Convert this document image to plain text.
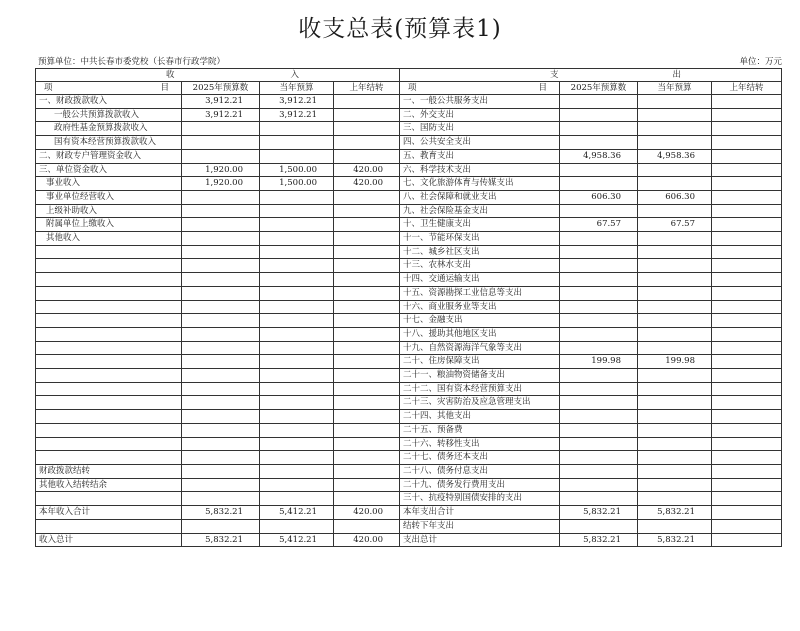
收支总表(预算表1)
预算单位：中共长春市委党校（长春市行政学院）	单位：万元
收 入				支 出			

项 目	2025年预算数	当年预算	上年结转	项 目	2025年预算数	当年预算	上年结转
一、财政拨款收入	3,912.21	3,912.21		一、一般公共服务支出			
一般公共预算拨款收入	3,912.21	3,912.21		二、外交支出			
政府性基金预算拨款收入				三、国防支出			
国有资本经营预算拨款收入				四、公共安全支出			
二、财政专户管理资金收入				五、教育支出	4,958.36	4,958.36	
三、单位资金收入	1,920.00	1,500.00	420.00	六、科学技术支出			
事业收入	1,920.00	1,500.00	420.00	七、文化旅游体育与传媒支出			
事业单位经营收入				八、社会保障和就业支出	606.30	606.30	
上级补助收入				九、社会保险基金支出			
附属单位上缴收入				十、卫生健康支出	67.57	67.57	
其他收入				十一、节能环保支出			
				十二、城乡社区支出			
				十三、农林水支出			
				十四、交通运输支出			
				十五、资源勘探工业信息等支出			
				十六、商业服务业等支出			
				十七、金融支出			
				十八、援助其他地区支出			
				十九、自然资源海洋气象等支出			
				二十、住房保障支出	199.98	199.98	
				二十一、粮油物资储备支出			
				二十二、国有资本经营预算支出			
				二十三、灾害防治及应急管理支出			
				二十四、其他支出			
				二十五、预备费			
				二十六、转移性支出			
				二十七、债务还本支出			
财政拨款结转				二十八、债务付息支出			
其他收入结转结余				二十九、债务发行费用支出			
				三十、抗疫特别国债安排的支出			
本年收入合计	5,832.21	5,412.21	420.00	本年支出合计	5,832.21	5,832.21	
				结转下年支出			
收入总计	5,832.21	5,412.21	420.00	支出总计	5,832.21	5,832.21	
